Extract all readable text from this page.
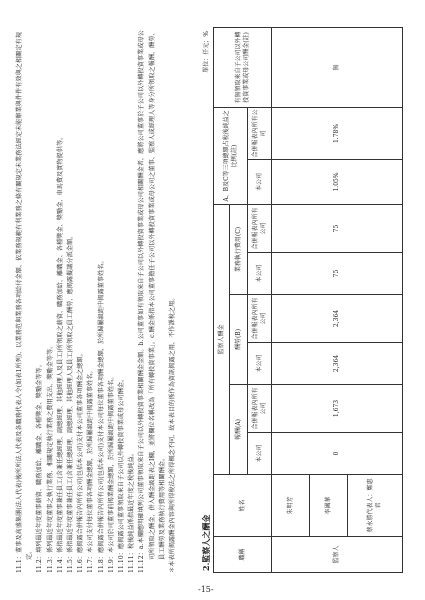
11.1：董事及高盛集團(法人代表)後所所法人代表及各職務代表人令(如表1所列)，以業務范與業務各項給付金額、依業務規範有利業務之條有關規定未業務法經定未能辦業與件件有效與之相關定有規定。 11.2：填列最近年度董事薪資、職務加給、離職金、各種獎金、獎勵金等等。 11.3：係列最近年度董事之執行業務、相關規定執行業務之費用支出、獎勵金等等。 11.4：係指最近年度董事兼任員工(含兼任總經理、副總經理、其他經理人及員工)所領取之薪資、職務加給、離職金、各種獎金、獎勵金、車馬費及實物提供等。 11.5：係指最近年度董事兼任員工(含兼任總經理、副總經理、其他經理人及員工)所領取之員工酬勞，應揭露擬議分派金額。 11.6：應揭露合併報告內所有公司(包括本公司)支付本公司董事各項酬金之總額。 11.7：本公司支付每位董事各項酬金總額，於所歸屬級距中揭露董事姓名。 11.8：應揭露合併報告內所有公司(包括本公司)支付本公司每位董事各項酬金總額，於所歸屬級距中揭露董事姓名。 11.9：本公司於司董事前揭業酬金總額，於所歸屬級距中揭露董事姓名。 11.10：應揭露公司董事領取來自子公司以外轉投資事業或母公司酬金。 11.11：稅後純益係指最近年度之稅後純益。 11.12：a.本欄應明確填列公司董事領取來自子公司以外轉投資事業相關酬金金額。b.公司董事如有領取來自子公司以外轉投資事業或母公司相關酬金者，應將公司董事於子公司以外轉投資事業或母公司所領取之酬金，併入酬金級距表之I欄，並將欄位名稱改為「所有轉投資事業」。c.酬金係指本公司董事擔任子公司以外轉投資事業或母公司之董事、監察人或經理人等身分所領取之報酬、酬勞、員工酬勞及業務執行費用等相關酬金。 ＊本表所揭露酬金內容與所得稅法之所得概念不同，故本表目的係作為資訊揭露之用，不作課稅之用。	2.監察人之酬金
單位：仟元；%
職稱	姓名	監察人酬金						A、B及C等三項總額占稅後純益之比例(註)		有無領取來自子公司以外轉投資事業或母公司酬金(註)
		報酬(A)		酬勞(B)		業務執行費用(C)				
		本公司	合併報表內所有公司	本公司	合併報表內所有公司	本公司	合併報表內所有公司	本公司	合併報表內所有公司	
監察人	朱明芳	0	1,673	2,364	2,364	75	75	1.05%	1.78%	無
	李國華									
	蔡永勝代表人：鄭惠君									
-15-
